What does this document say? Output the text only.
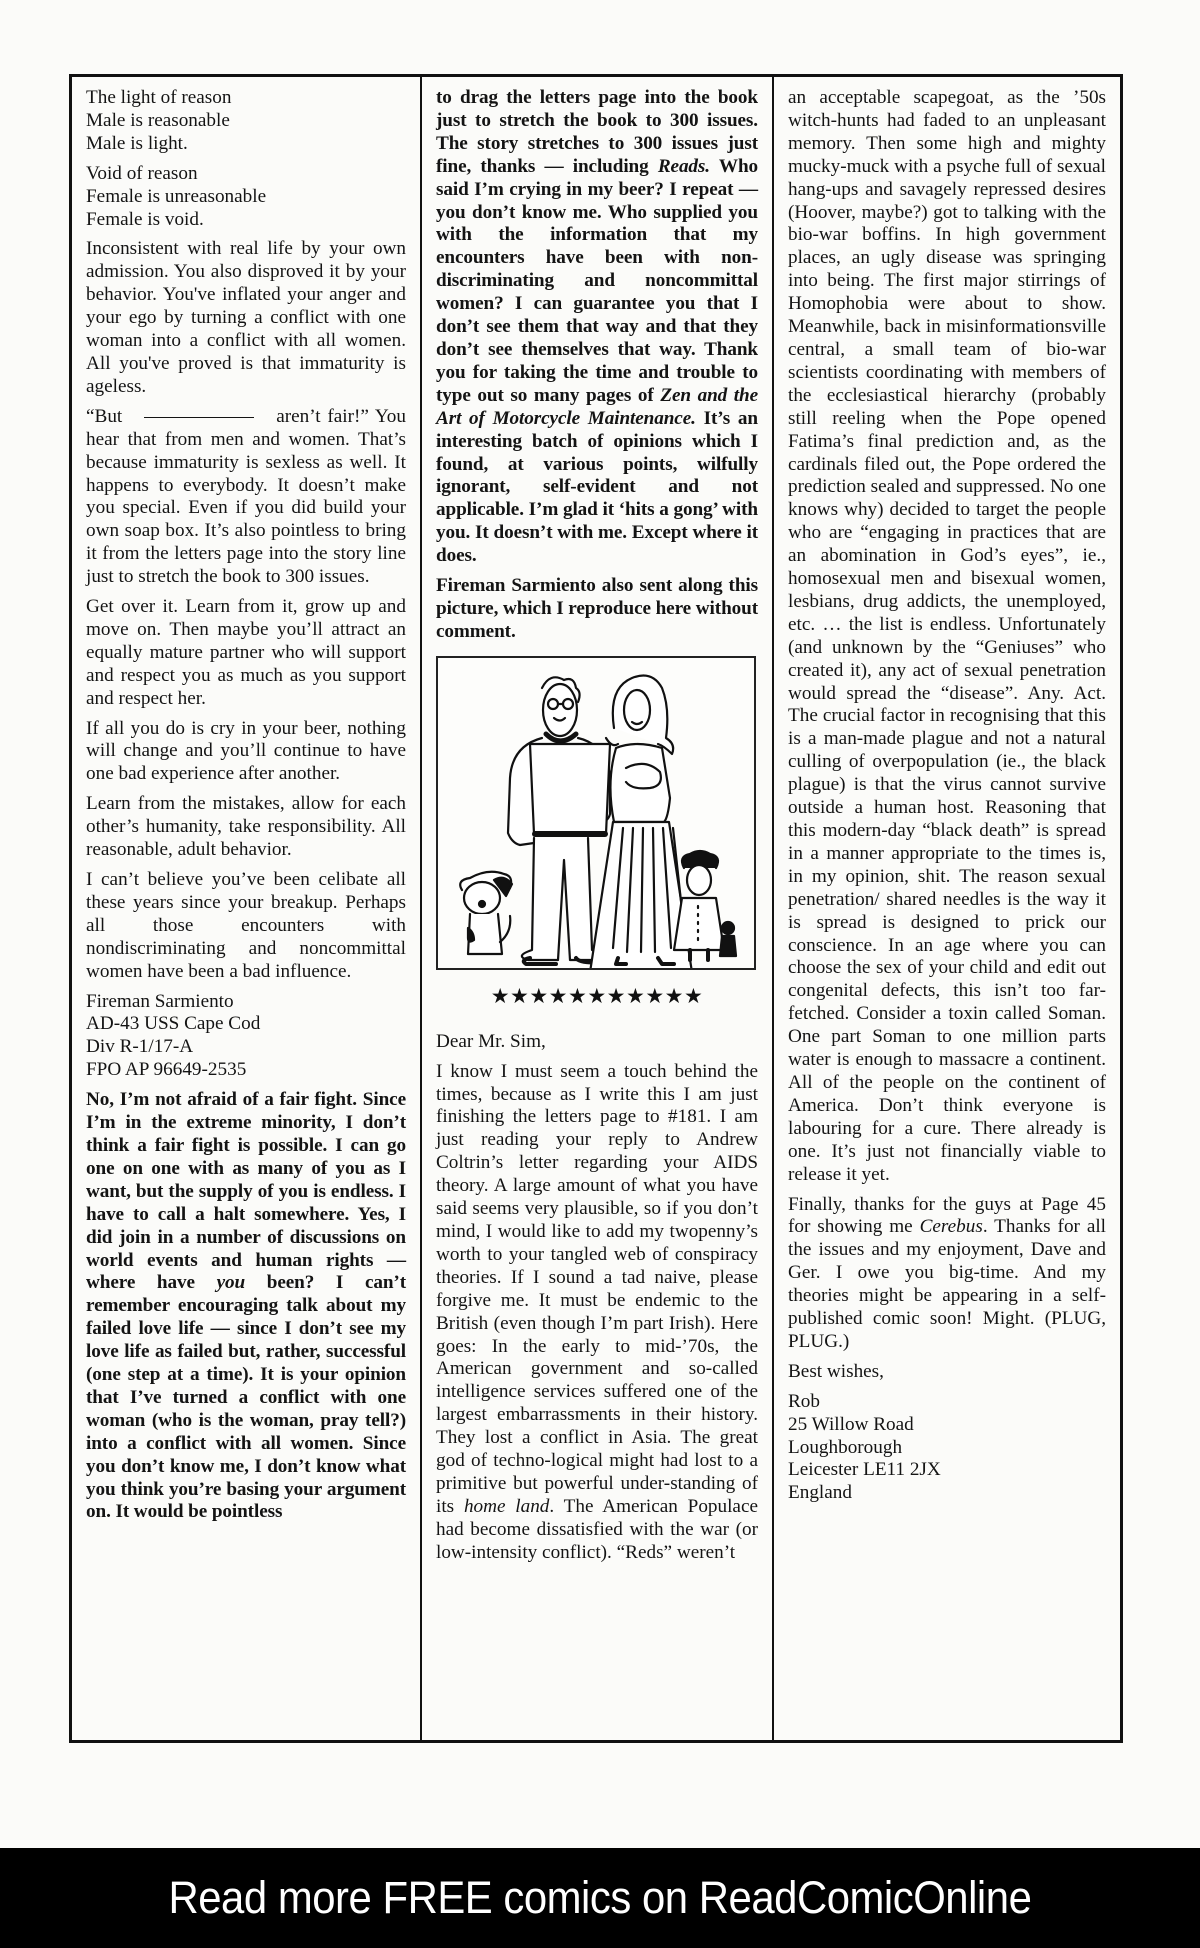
The light of reason
Male is reasonable
Male is light.

Void of reason
Female is unreasonable
Female is void.

Inconsistent with real life by your own admission. You also disproved it by your behavior. You've inflated your anger and your ego by turning a conflict with one woman into a conflict with all women. All you've proved is that immaturity is ageless.

“But	aren’t fair!” You hear that from men and women. That’s because immaturity is sexless as well. It happens to everybody. It doesn’t make you special. Even if you did build your own soap box. It’s also pointless to bring it from the letters page into the story line just to stretch the book to 300 issues.

Get over it. Learn from it, grow up and move on. Then maybe you’ll attract an equally mature partner who will support and respect you as much as you support and respect her.

If all you do is cry in your beer, nothing will change and you’ll continue to have one bad experience after another.

Learn from the mistakes, allow for each other’s humanity, take responsibility. All reasonable, adult behavior.

I can’t believe you’ve been celibate all these years since your breakup. Perhaps all those encounters with nondiscriminating and noncommittal women have been a bad influence.

Fireman Sarmiento
AD-43 USS Cape Cod
Div R-1/17-A
FPO AP 96649-2535

No, I’m not afraid of a fair fight. Since I’m in the extreme minority, I don’t think a fair fight is possible. I can go one on one with as many of you as I want, but the supply of you is endless. I have to call a halt somewhere. Yes, I did join in a number of discussions on world events and human rights — where have you been? I can’t remember encouraging talk about my failed love life — since I don’t see my love life as failed but, rather, successful (one step at a time). It is your opinion that I’ve turned a conflict with one woman (who is the woman, pray tell?) into a conflict with all women. Since you don’t know me, I don’t know what you think you’re basing your argument on. It would be pointless

to drag the letters page into the book just to stretch the book to 300 issues. The story stretches to 300 issues just fine, thanks — including Reads. Who said I’m crying in my beer? I repeat — you don’t know me. Who supplied you with the information that my encounters have been with non-discriminating and noncommittal women? I can guarantee you that I don’t see them that way and that they don’t see themselves that way. Thank you for taking the time and trouble to type out so many pages of Zen and the Art of Motorcycle Maintenance. It’s an interesting batch of opinions which I found, at various points, wilfully ignorant, self-evident and not applicable. I’m glad it ‘hits a gong’ with you. It doesn’t with me. Except where it does.

Fireman Sarmiento also sent along this picture, which I reproduce here without comment.

★★★★★★★★★★★

Dear Mr. Sim,

I know I must seem a touch behind the times, because as I write this I am just finishing the letters page to #181. I am just reading your reply to Andrew Coltrin’s letter regarding your AIDS theory. A large amount of what you have said seems very plausible, so if you don’t mind, I would like to add my twopenny’s worth to your tangled web of conspiracy theories. If I sound a tad naive, please forgive me. It must be endemic to the British (even though I’m part Irish). Here goes: In the early to mid-’70s, the American government and so-called intelligence services suffered one of the largest embarrassments in their history. They lost a conflict in Asia. The great god of techno-logical might had lost to a primitive but powerful under-standing of its home land. The American Populace had become dissatisfied with the war (or low-intensity conflict). “Reds” weren’t

an acceptable scapegoat, as the ’50s witch-hunts had faded to an unpleasant memory. Then some high and mighty mucky-muck with a psyche full of sexual hang-ups and savagely repressed desires (Hoover, maybe?) got to talking with the bio-war boffins. In high government places, an ugly disease was springing into being. The first major stirrings of Homophobia were about to show. Meanwhile, back in misinformationsville central, a small team of bio-war scientists coordinating with members of the ecclesiastical hierarchy (probably still reeling when the Pope opened Fatima’s final prediction and, as the cardinals filed out, the Pope ordered the prediction sealed and suppressed. No one knows why) decided to target the people who are “engaging in practices that are an abomination in God’s eyes”, ie., homosexual men and bisexual women, lesbians, drug addicts, the unemployed, etc. … the list is endless. Unfortunately (and unknown by the “Geniuses” who created it), any act of sexual penetration would spread the “disease”. Any. Act. The crucial factor in recognising that this is a man-made plague and not a natural culling of overpopulation (ie., the black plague) is that the virus cannot survive outside a human host. Reasoning that this modern-day “black death” is spread in a manner appropriate to the times is, in my opinion, shit. The reason sexual penetration/ shared needles is the way it is spread is designed to prick our conscience. In an age where you can choose the sex of your child and edit out congenital defects, this isn’t too far-fetched. Consider a toxin called Soman. One part Soman to one million parts water is enough to massacre a continent. All of the people on the continent of America. Don’t think everyone is labouring for a cure. There already is one. It’s just not financially viable to release it yet.

Finally, thanks for the guys at Page 45 for showing me Cerebus. Thanks for all the issues and my enjoyment, Dave and Ger. I owe you big-time. And my theories might be appearing in a self-published comic soon! Might. (PLUG, PLUG.)

Best wishes,

Rob
25 Willow Road
Loughborough
Leicester LE11 2JX
England

Read more FREE comics on ReadComicOnline
